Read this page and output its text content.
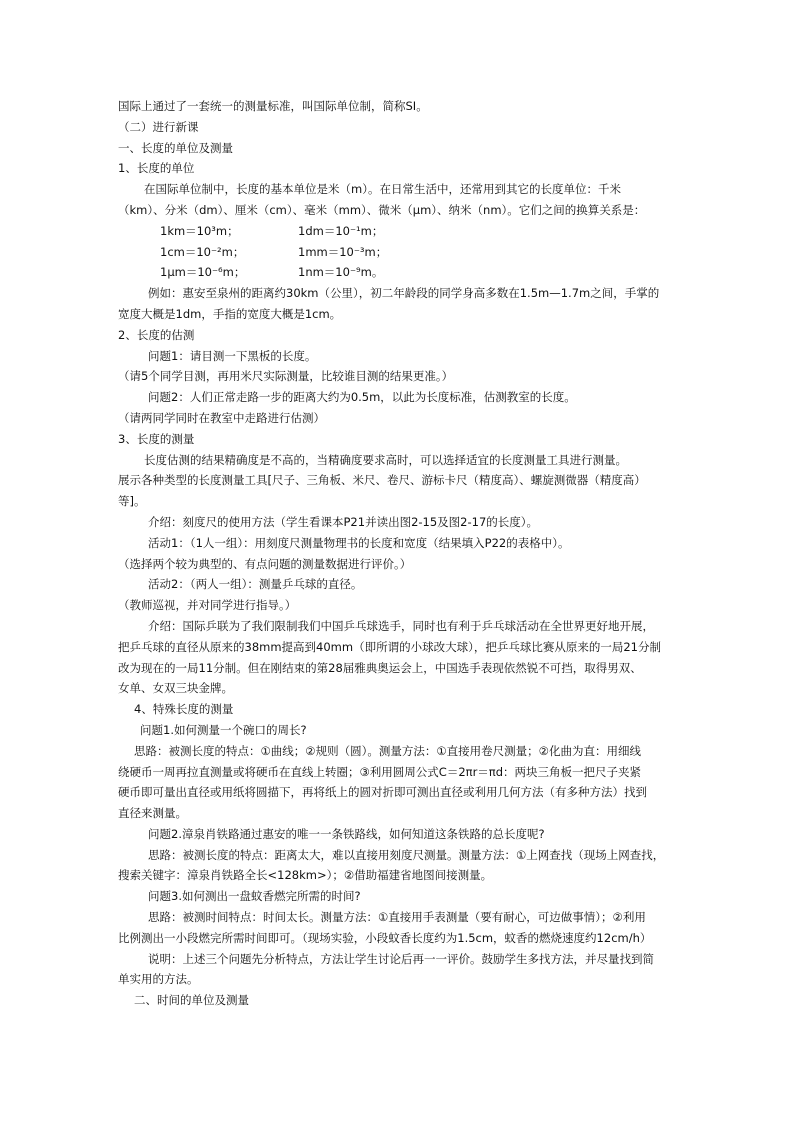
国际上通过了一套统一的测量标准，叫国际单位制，简称SI。

（二）进行新课

一、长度的单位及测量

1、长度的单位

在国际单位制中，长度的基本单位是米（m）。在日常生活中，还常用到其它的长度单位：千米

（km）、分米（dm）、厘米（cm）、毫米（mm）、微米（μm）、纳米（nm）。它们之间的换算关系是：

1km＝10³m；	1dm＝10⁻¹m；

1cm＝10⁻²m；	1mm＝10⁻³m；

1μm＝10⁻⁶m；	1nm＝10⁻⁹m。

例如：惠安至泉州的距离约30km（公里），初二年龄段的同学身高多数在1.5m—1.7m之间，手掌的

宽度大概是1dm，手指的宽度大概是1cm。

2、长度的估测

问题1：请目测一下黑板的长度。

（请5个同学目测，再用米尺实际测量，比较谁目测的结果更准。）

问题2：人们正常走路一步的距离大约为0.5m，以此为长度标准，估测教室的长度。

（请两同学同时在教室中走路进行估测）

3、长度的测量

长度估测的结果精确度是不高的，当精确度要求高时，可以选择适宜的长度测量工具进行测量。

展示各种类型的长度测量工具[尺子、三角板、米尺、卷尺、游标卡尺（精度高）、螺旋测微器（精度高）

等]。

介绍：刻度尺的使用方法（学生看课本P21并读出图2-15及图2-17的长度）。

活动1：（1人一组）：用刻度尺测量物理书的长度和宽度（结果填入P22的表格中）。

（选择两个较为典型的、有点问题的测量数据进行评价。）

活动2：（两人一组）：测量乒乓球的直径。

（教师巡视，并对同学进行指导。）

介绍：国际乒联为了我们限制我们中国乒乓球选手，同时也有利于乒乓球活动在全世界更好地开展，

把乒乓球的直径从原来的38mm提高到40mm（即所谓的小球改大球），把乒乓球比赛从原来的一局21分制

改为现在的一局11分制。但在刚结束的第28届雅典奥运会上，中国选手表现依然锐不可挡，取得男双、

女单、女双三块金牌。

4、特殊长度的测量

问题1.如何测量一个碗口的周长?

思路：被测长度的特点：①曲线；②规则（圆）。测量方法：①直接用卷尺测量；②化曲为直：用细线

绕硬币一周再拉直测量或将硬币在直线上转圈；③利用圆周公式C＝2πr＝πd：两块三角板一把尺子夹紧

硬币即可量出直径或用纸将圆描下，再将纸上的圆对折即可测出直径或利用几何方法（有多种方法）找到

直径来测量。

问题2.漳泉肖铁路通过惠安的唯一一条铁路线，如何知道这条铁路的总长度呢?

思路：被测长度的特点：距离太大，难以直接用刻度尺测量。测量方法：①上网查找（现场上网查找，

搜索关键字：漳泉肖铁路全长<128km>）；②借助福建省地图间接测量。

问题3.如何测出一盘蚊香燃完所需的时间?

思路：被测时间特点：时间太长。测量方法：①直接用手表测量（要有耐心，可边做事情）；②利用

比例测出一小段燃完所需时间即可。（现场实验，小段蚊香长度约为1.5cm，蚊香的燃烧速度约12cm/h）

说明：上述三个问题先分析特点，方法让学生讨论后再一一评价。鼓励学生多找方法，并尽量找到简

单实用的方法。

二、时间的单位及测量
